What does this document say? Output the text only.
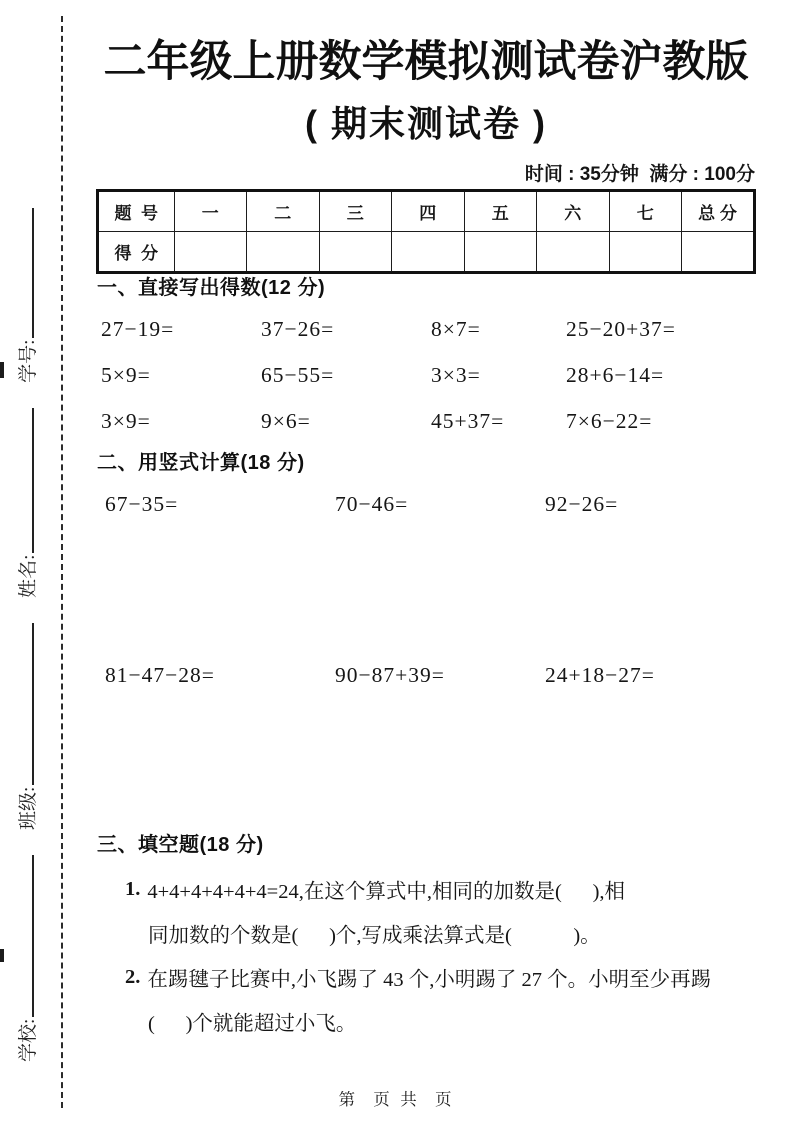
学校: 班级: 姓名: 学号:
二年级上册数学模拟测试卷沪教版
( 期末测试卷 )
时间 : 35分钟  满分 : 100分
题  号	一	二	三	四	五	六	七	总 分
得  分								
一、直接写出得数(12 分)
27−19=	37−26=	8×7=	25−20+37=
5×9=	65−55=	3×3=	28+6−14=
3×9=	9×6=	45+37=	7×6−22=
二、用竖式计算(18 分)
67−35=	70−46=	92−26=
81−47−28=	90−87+39=	24+18−27=
三、填空题(18 分)
1. 4+4+4+4+4+4=24,在这个算式中,相同的加数是(      ),相
同加数的个数是(      )个,写成乘法算式是(            )。
2. 在踢毽子比赛中,小飞踢了 43 个,小明踢了 27 个。小明至少再踢
(      )个就能超过小飞。
第  页 共  页
